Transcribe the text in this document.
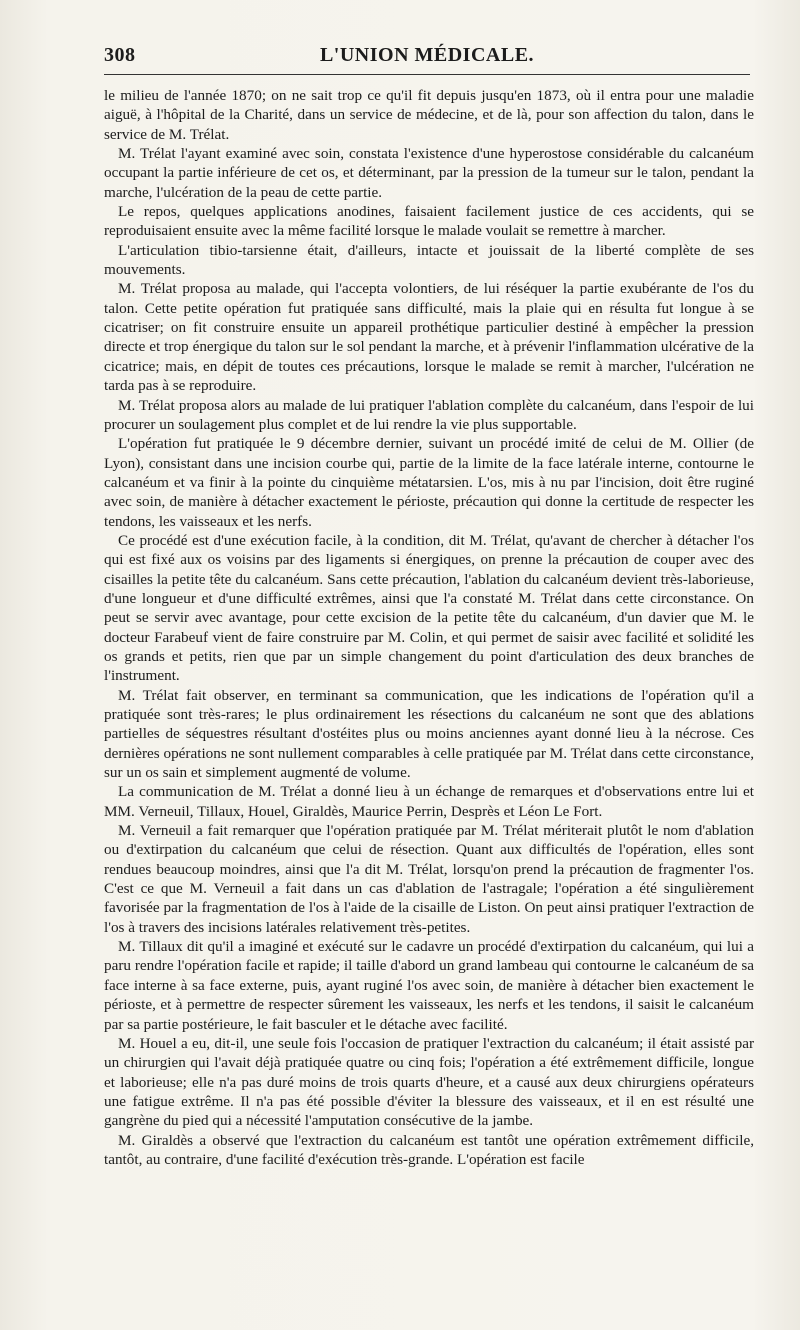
308	L'UNION MÉDICALE.

le milieu de l'année 1870; on ne sait trop ce qu'il fit depuis jusqu'en 1873, où il entra pour une maladie aiguë, à l'hôpital de la Charité, dans un service de médecine, et de là, pour son affection du talon, dans le service de M. Trélat.

M. Trélat l'ayant examiné avec soin, constata l'existence d'une hyperostose considérable du calcanéum occupant la partie inférieure de cet os, et déterminant, par la pression de la tumeur sur le talon, pendant la marche, l'ulcération de la peau de cette partie.

Le repos, quelques applications anodines, faisaient facilement justice de ces accidents, qui se reproduisaient ensuite avec la même facilité lorsque le malade voulait se remettre à marcher.

L'articulation tibio-tarsienne était, d'ailleurs, intacte et jouissait de la liberté complète de ses mouvements.

M. Trélat proposa au malade, qui l'accepta volontiers, de lui réséquer la partie exubérante de l'os du talon. Cette petite opération fut pratiquée sans difficulté, mais la plaie qui en résulta fut longue à se cicatriser; on fit construire ensuite un appareil prothétique particulier destiné à empêcher la pression directe et trop énergique du talon sur le sol pendant la marche, et à prévenir l'inflammation ulcérative de la cicatrice; mais, en dépit de toutes ces précautions, lorsque le malade se remit à marcher, l'ulcération ne tarda pas à se reproduire.

M. Trélat proposa alors au malade de lui pratiquer l'ablation complète du calcanéum, dans l'espoir de lui procurer un soulagement plus complet et de lui rendre la vie plus supportable.

L'opération fut pratiquée le 9 décembre dernier, suivant un procédé imité de celui de M. Ollier (de Lyon), consistant dans une incision courbe qui, partie de la limite de la face latérale interne, contourne le calcanéum et va finir à la pointe du cinquième métatarsien. L'os, mis à nu par l'incision, doit être ruginé avec soin, de manière à détacher exactement le périoste, précaution qui donne la certitude de respecter les tendons, les vaisseaux et les nerfs.

Ce procédé est d'une exécution facile, à la condition, dit M. Trélat, qu'avant de chercher à détacher l'os qui est fixé aux os voisins par des ligaments si énergiques, on prenne la précaution de couper avec des cisailles la petite tête du calcanéum. Sans cette précaution, l'ablation du calcanéum devient très-laborieuse, d'une longueur et d'une difficulté extrêmes, ainsi que l'a constaté M. Trélat dans cette circonstance. On peut se servir avec avantage, pour cette excision de la petite tête du calcanéum, d'un davier que M. le docteur Farabeuf vient de faire construire par M. Colin, et qui permet de saisir avec facilité et solidité les os grands et petits, rien que par un simple changement du point d'articulation des deux branches de l'instrument.

M. Trélat fait observer, en terminant sa communication, que les indications de l'opération qu'il a pratiquée sont très-rares; le plus ordinairement les résections du calcanéum ne sont que des ablations partielles de séquestres résultant d'ostéites plus ou moins anciennes ayant donné lieu à la nécrose. Ces dernières opérations ne sont nullement comparables à celle pratiquée par M. Trélat dans cette circonstance, sur un os sain et simplement augmenté de volume.

La communication de M. Trélat a donné lieu à un échange de remarques et d'observations entre lui et MM. Verneuil, Tillaux, Houel, Giraldès, Maurice Perrin, Desprès et Léon Le Fort.

M. Verneuil a fait remarquer que l'opération pratiquée par M. Trélat mériterait plutôt le nom d'ablation ou d'extirpation du calcanéum que celui de résection. Quant aux difficultés de l'opération, elles sont rendues beaucoup moindres, ainsi que l'a dit M. Trélat, lorsqu'on prend la précaution de fragmenter l'os. C'est ce que M. Verneuil a fait dans un cas d'ablation de l'astragale; l'opération a été singulièrement favorisée par la fragmentation de l'os à l'aide de la cisaille de Liston. On peut ainsi pratiquer l'extraction de l'os à travers des incisions latérales relativement très-petites.

M. Tillaux dit qu'il a imaginé et exécuté sur le cadavre un procédé d'extirpation du calcanéum, qui lui a paru rendre l'opération facile et rapide; il taille d'abord un grand lambeau qui contourne le calcanéum de sa face interne à sa face externe, puis, ayant ruginé l'os avec soin, de manière à détacher bien exactement le périoste, et à permettre de respecter sûrement les vaisseaux, les nerfs et les tendons, il saisit le calcanéum par sa partie postérieure, le fait basculer et le détache avec facilité.

M. Houel a eu, dit-il, une seule fois l'occasion de pratiquer l'extraction du calcanéum; il était assisté par un chirurgien qui l'avait déjà pratiquée quatre ou cinq fois; l'opération a été extrêmement difficile, longue et laborieuse; elle n'a pas duré moins de trois quarts d'heure, et a causé aux deux chirurgiens opérateurs une fatigue extrême. Il n'a pas été possible d'éviter la blessure des vaisseaux, et il en est résulté une gangrène du pied qui a nécessité l'amputation consécutive de la jambe.

M. Giraldès a observé que l'extraction du calcanéum est tantôt une opération extrêmement difficile, tantôt, au contraire, d'une facilité d'exécution très-grande. L'opération est facile
